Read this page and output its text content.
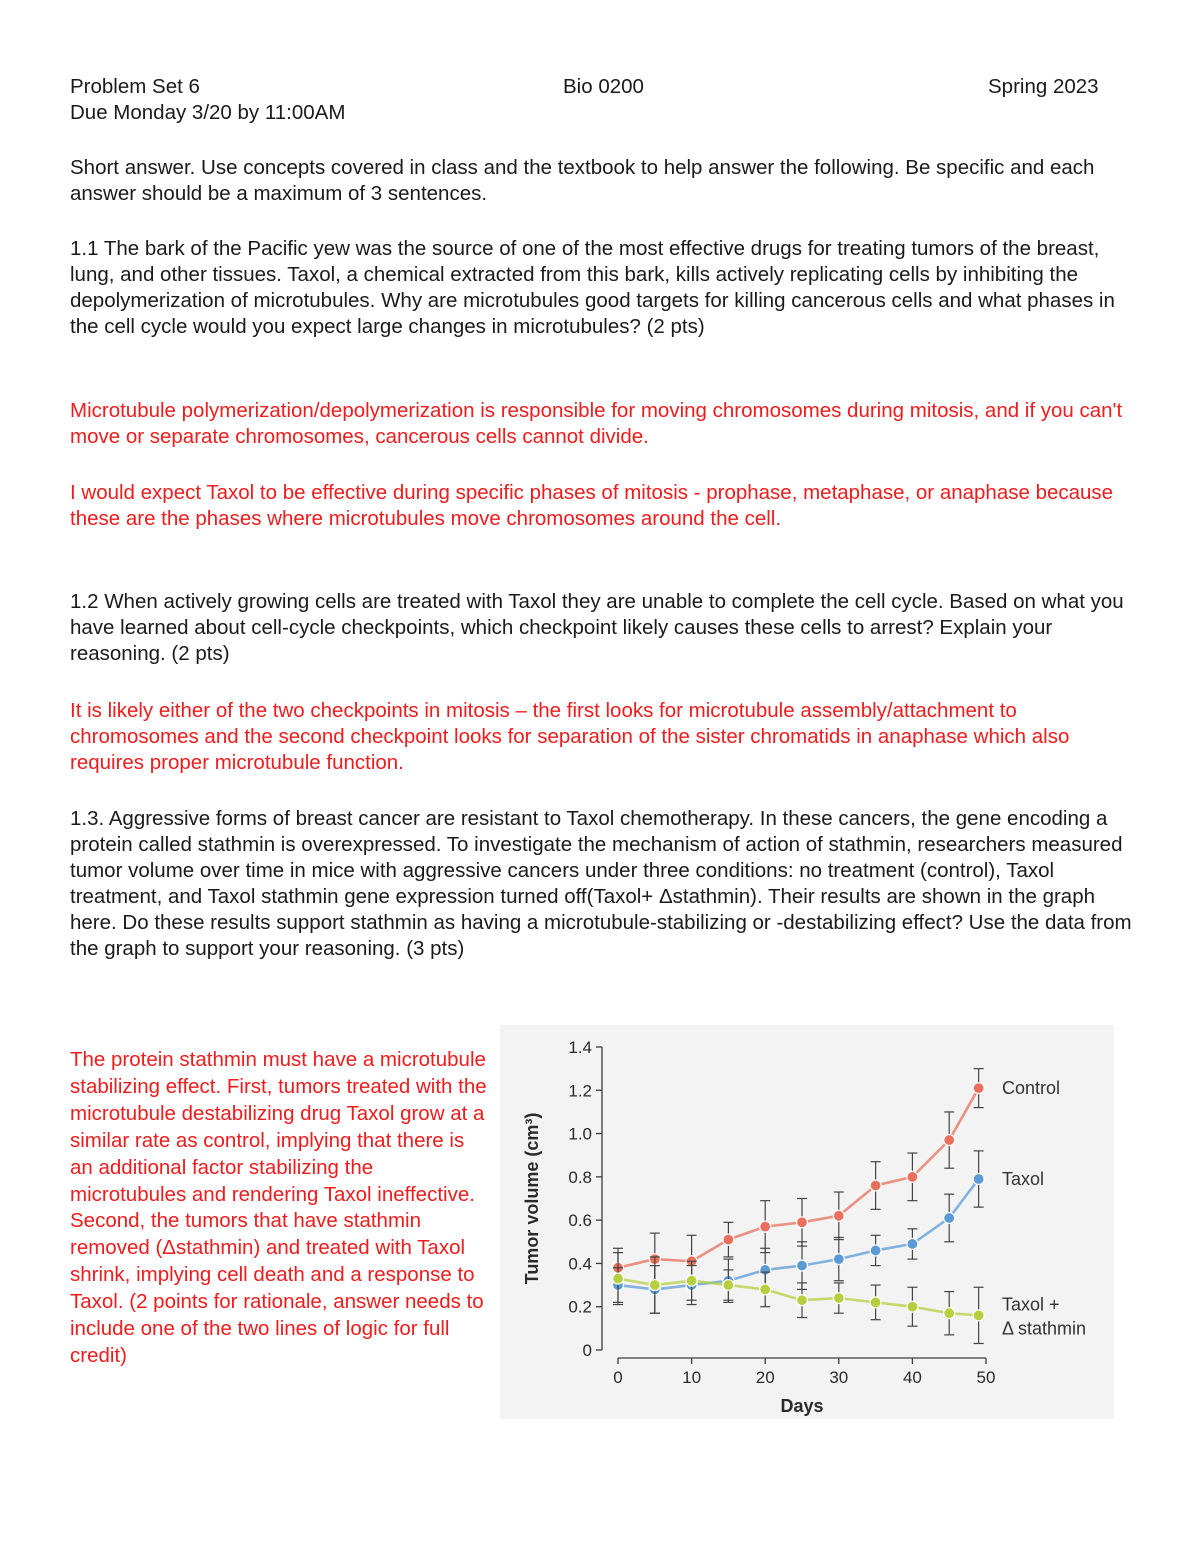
Problem Set 6	Bio 0200	Spring 2023
Due Monday 3/20 by 11:00AM

Short answer. Use concepts covered in class and the textbook to help answer the following. Be specific and each answer should be a maximum of 3 sentences.

1.1 The bark of the Pacific yew was the source of one of the most effective drugs for treating tumors of the breast, lung, and other tissues. Taxol, a chemical extracted from this bark, kills actively replicating cells by inhibiting the depolymerization of microtubules. Why are microtubules good targets for killing cancerous cells and what phases in the cell cycle would you expect large changes in microtubules? (2 pts)

Microtubule polymerization/depolymerization is responsible for moving chromosomes during mitosis, and if you can't move or separate chromosomes, cancerous cells cannot divide.

I would expect Taxol to be effective during specific phases of mitosis - prophase, metaphase, or anaphase because these are the phases where microtubules move chromosomes around the cell.

1.2 When actively growing cells are treated with Taxol they are unable to complete the cell cycle. Based on what you have learned about cell-cycle checkpoints, which checkpoint likely causes these cells to arrest? Explain your reasoning. (2 pts)

It is likely either of the two checkpoints in mitosis – the first looks for microtubule assembly/attachment to chromosomes and the second checkpoint looks for separation of the sister chromatids in anaphase which also requires proper microtubule function.

1.3. Aggressive forms of breast cancer are resistant to Taxol chemotherapy. In these cancers, the gene encoding a protein called stathmin is overexpressed. To investigate the mechanism of action of stathmin, researchers measured tumor volume over time in mice with aggressive cancers under three conditions: no treatment (control), Taxol treatment, and Taxol stathmin gene expression turned off(Taxol+ Δstathmin). Their results are shown in the graph here. Do these results support stathmin as having a microtubule-stabilizing or -destabilizing effect? Use the data from the graph to support your reasoning. (3 pts)

The protein stathmin must have a microtubule stabilizing effect. First, tumors treated with the microtubule destabilizing drug Taxol grow at a similar rate as control, implying that there is an additional factor stabilizing the microtubules and rendering Taxol ineffective. Second, the tumors that have stathmin removed (Δstathmin) and treated with Taxol shrink, implying cell death and a response to Taxol. (2 points for rationale, answer needs to include one of the two lines of logic for full credit)	0
0.2
0.4
0.6
0.8
1.0
1.2
1.4
0	10	20	30	40	50
Days
Tumor volume (cm³)
Control
Taxol
Taxol +
Δ stathmin
